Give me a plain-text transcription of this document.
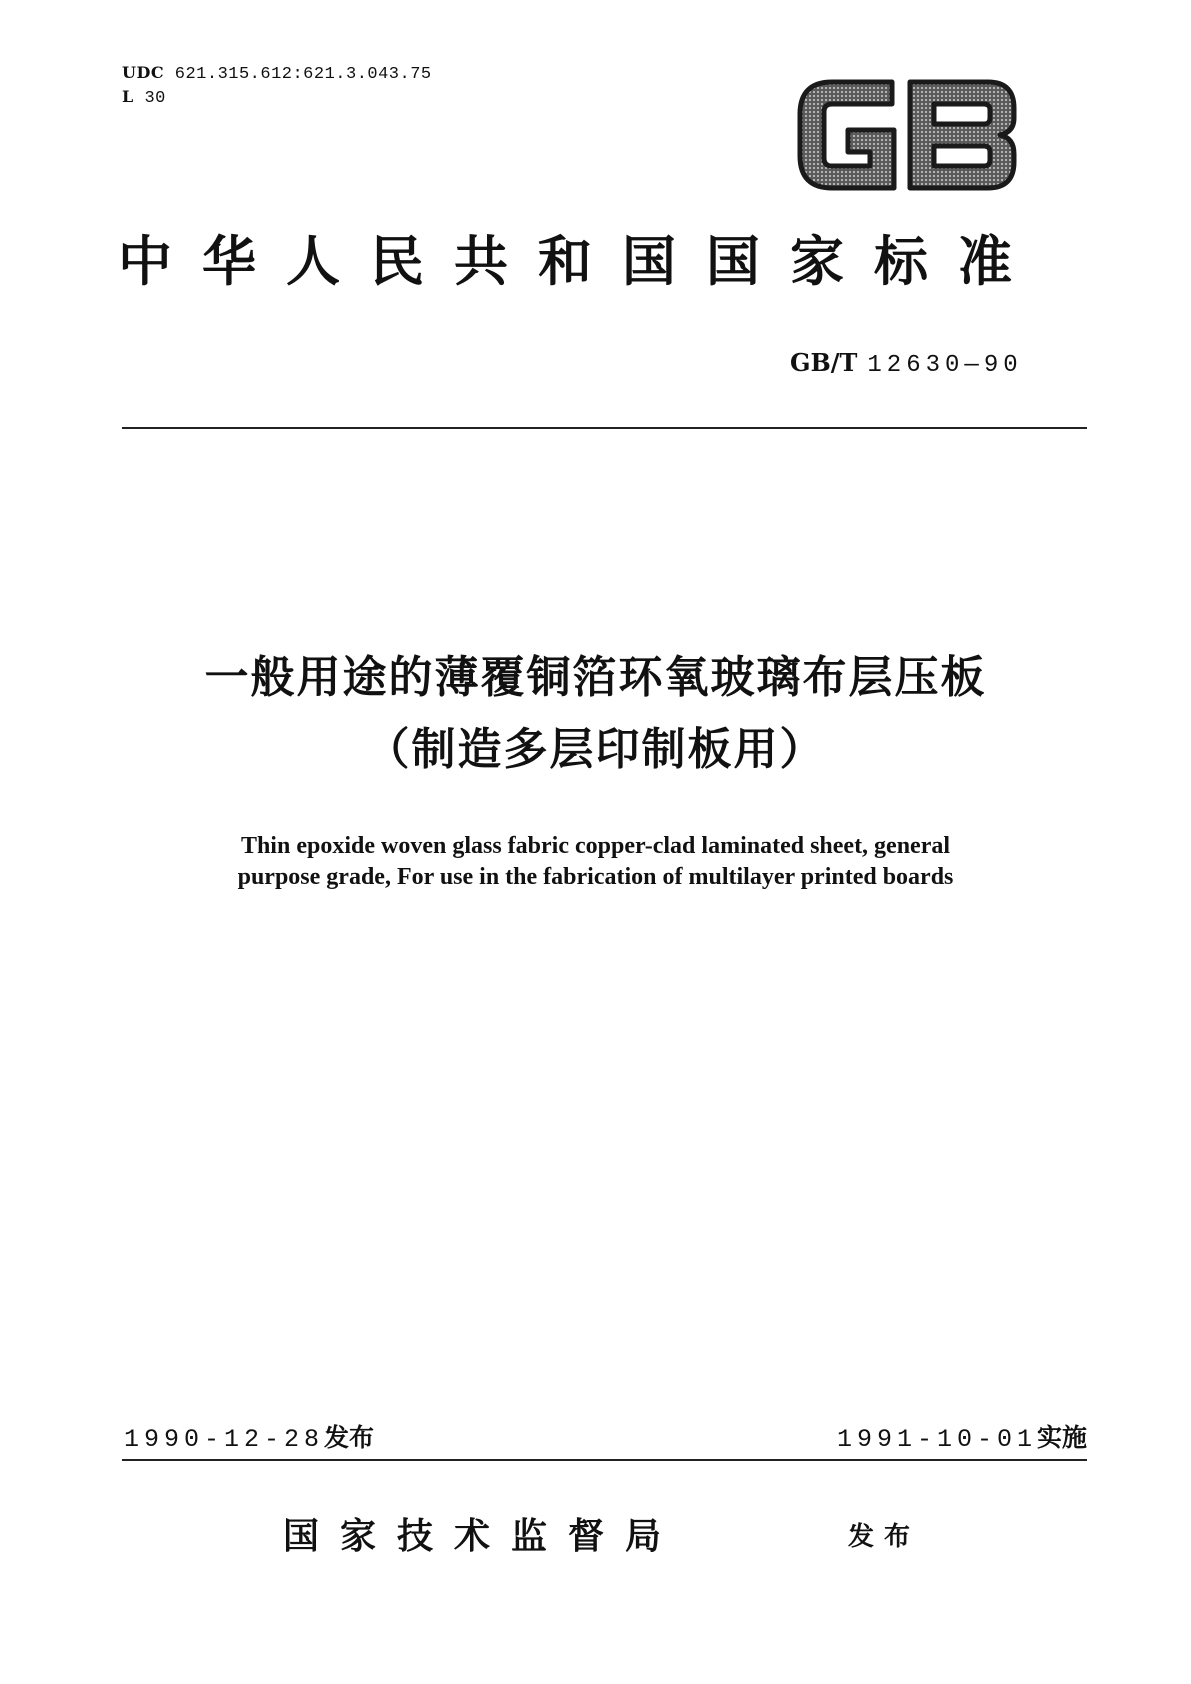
UDC 621.315.612:621.3.043.75
L 30
中华人民共和国国家标准
GB/T 12630—90
一般用途的薄覆铜箔环氧玻璃布层压板
（制造多层印制板用）
Thin epoxide woven glass fabric copper-clad laminated sheet, general
purpose grade, For use in the fabrication of multilayer printed boards
1990-12-28发布	1991-10-01实施
国家技术监督局	发布
